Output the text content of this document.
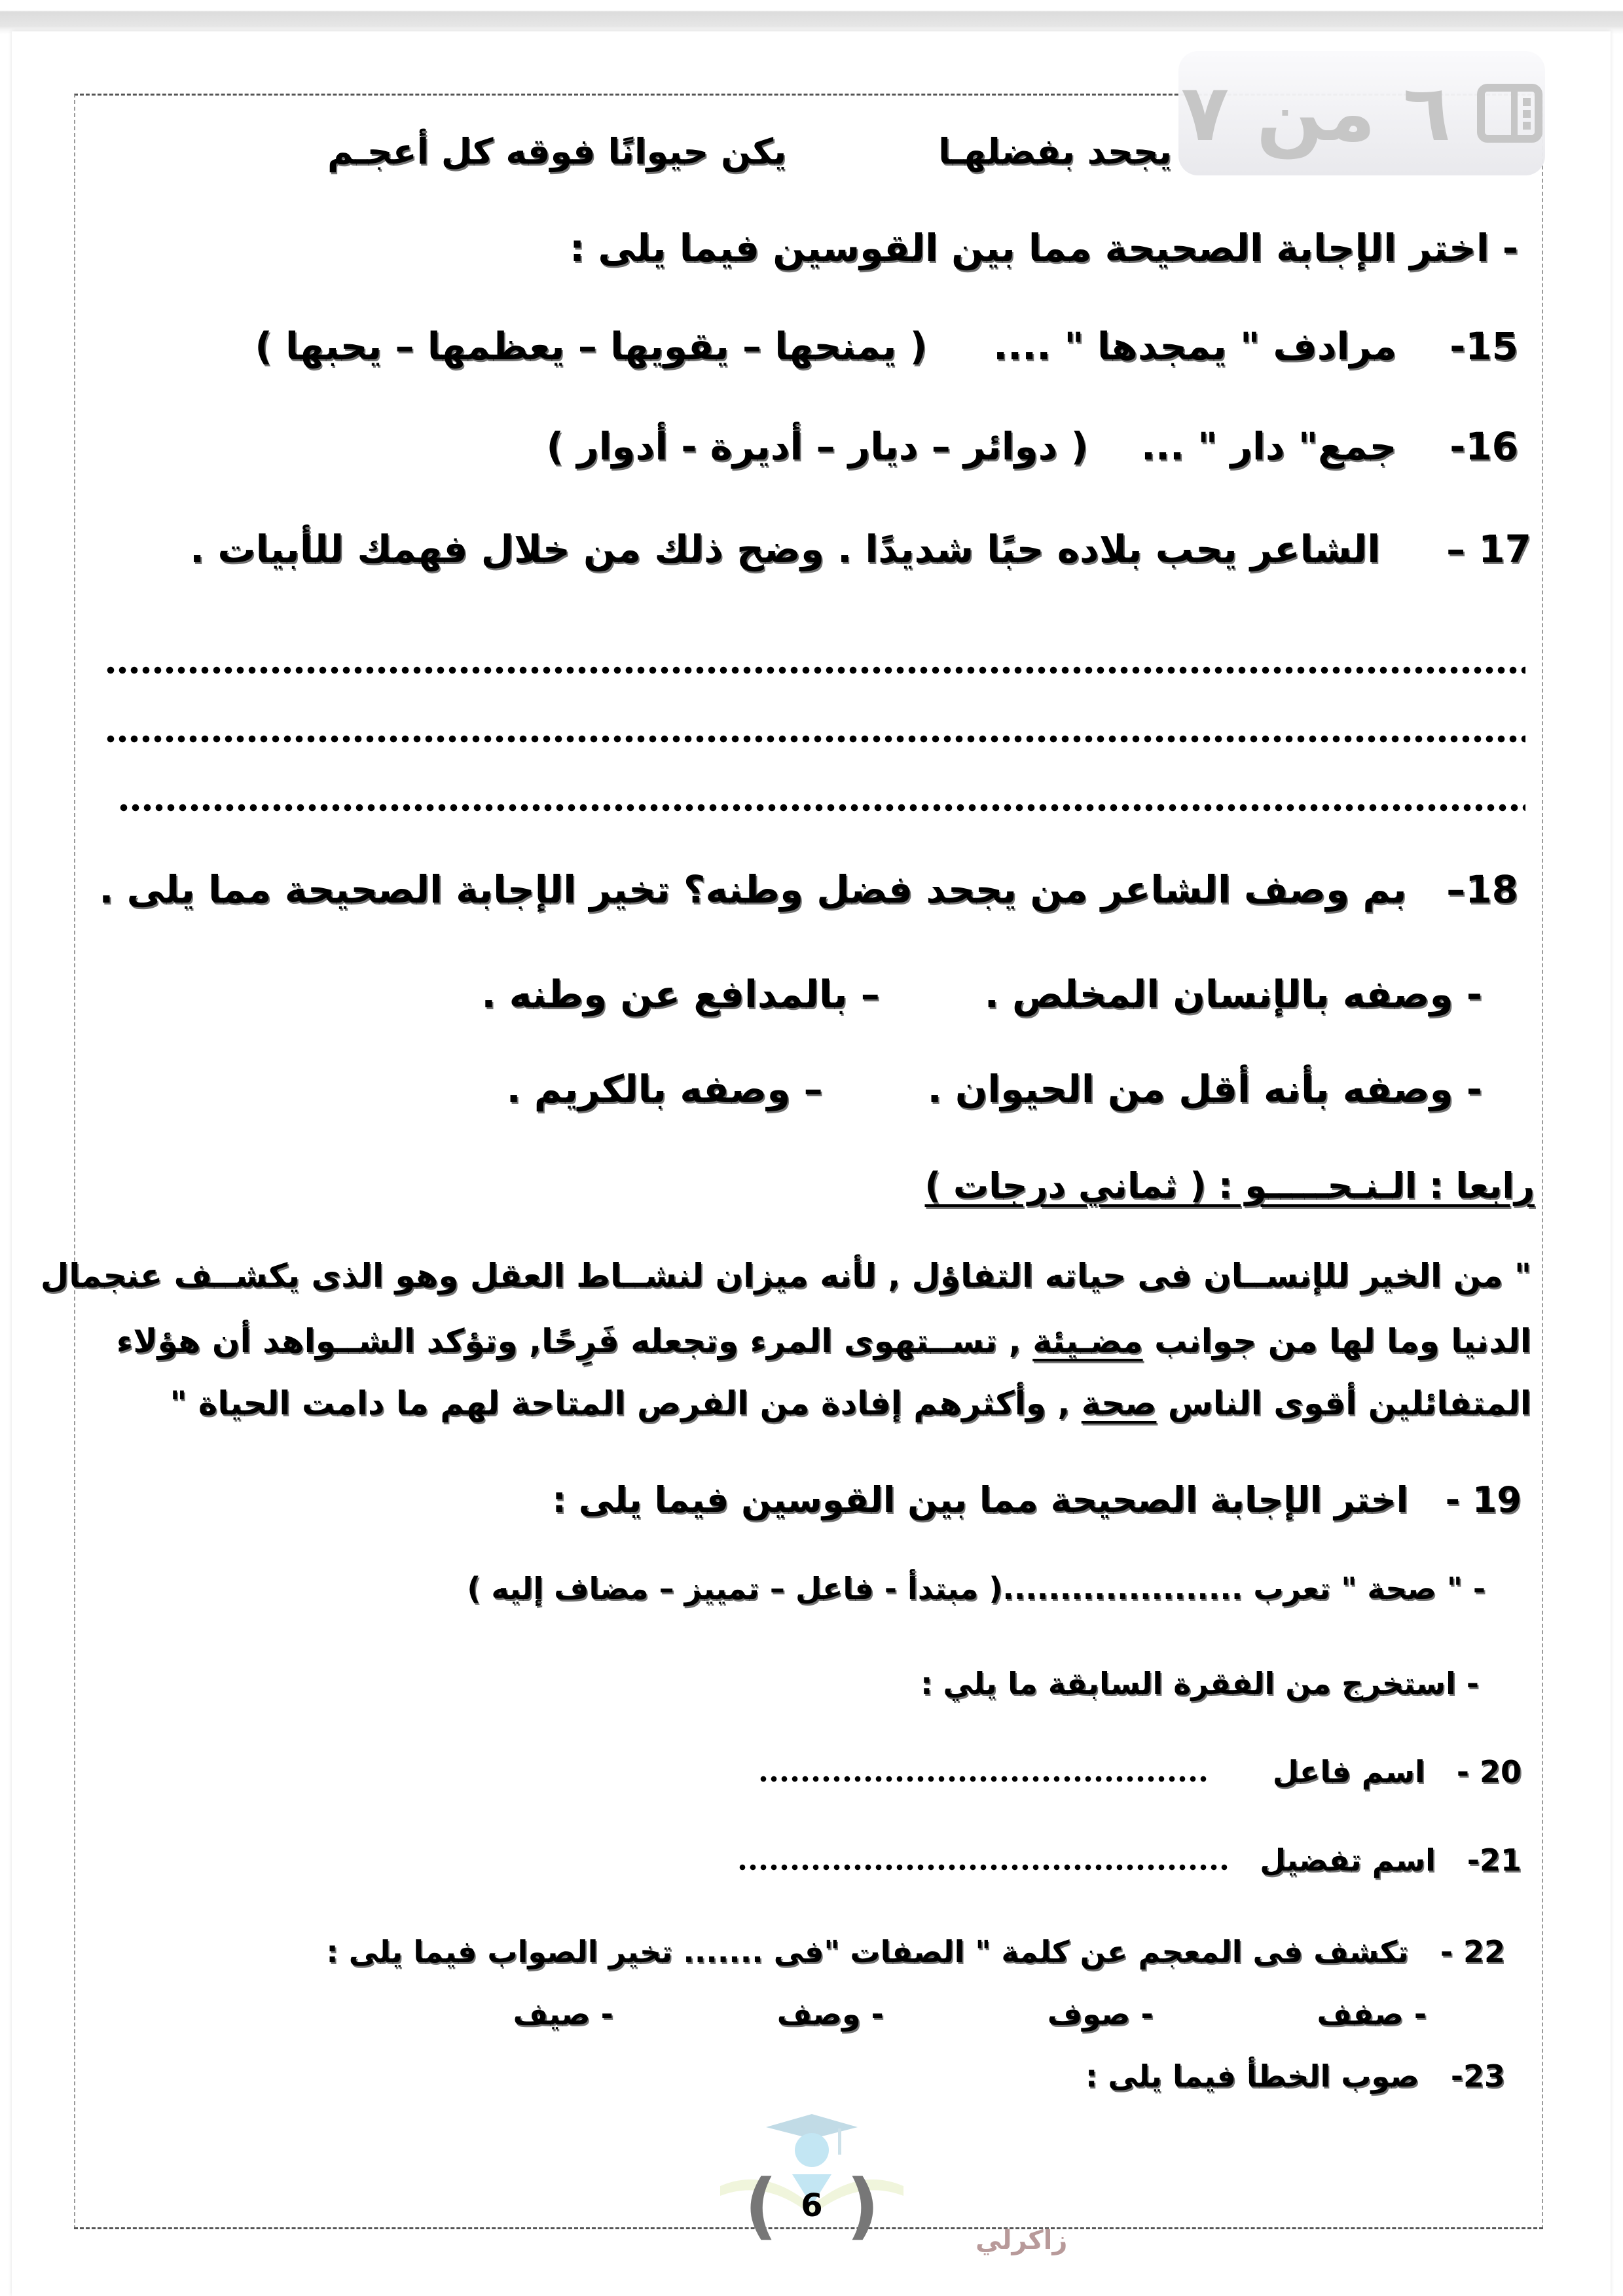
٦ من ٧
يجحد بفضلهـا
يكن حيوانًا فوقه كل أعجـم
- اختر الإجابة الصحيحة مما بين القوسين فيما يلى :
15-    مرادف " يمجدها " ....     ( يمنحها – يقويها – يعظمها – يحبها )
16-    جمع" دار " ...    ( دوائر – ديار – أديرة - أدوار )
17 –     الشاعر يحب بلاده حبًا شديدًا . وضح ذلك من خلال فهمك للأبيات .
18–   بم وصف الشاعر من يجحد فضل وطنه؟ تخير الإجابة الصحيحة مما يلى .
- وصفه بالإنسان المخلص .
– بالمدافع عن وطنه .
- وصفه بأنه أقل من الحيوان .
– وصفه بالكريم .
رابعا : الـنـحـــــو : ( ثماني درجات )
" من الخير للإنســان فى حياته التفاؤل , لأنه ميزان لنشــاط العقل وهو الذى يكشــف عنجمال
الدنيا وما لها من جوانب مضـيئة , تســتهوى المرء وتجعله فَرِحًا, وتؤكد الشــواهد أن هؤلاء
المتفائلين أقوى الناس صحة , وأكثرهم إفادة من الفرص المتاحة لهم ما دامت الحياة "
19 -   اختر الإجابة الصحيحة مما بين القوسين فيما يلى :
- " صحة " تعرب .....................( مبتدأ - فاعل – تمييز – مضاف إليه )
- استخرج من الفقرة السابقة ما يلي :
20 -   اسم فاعل
21-   اسم تفضيل
22 -   تكشف فى المعجم عن كلمة " الصفات "فى ....... تخير الصواب فيما يلى :
- صفف
- صوف
- وصف
- صيف
23-   صوب الخطأ فيما يلى :
( 6 )	زاكرلي
